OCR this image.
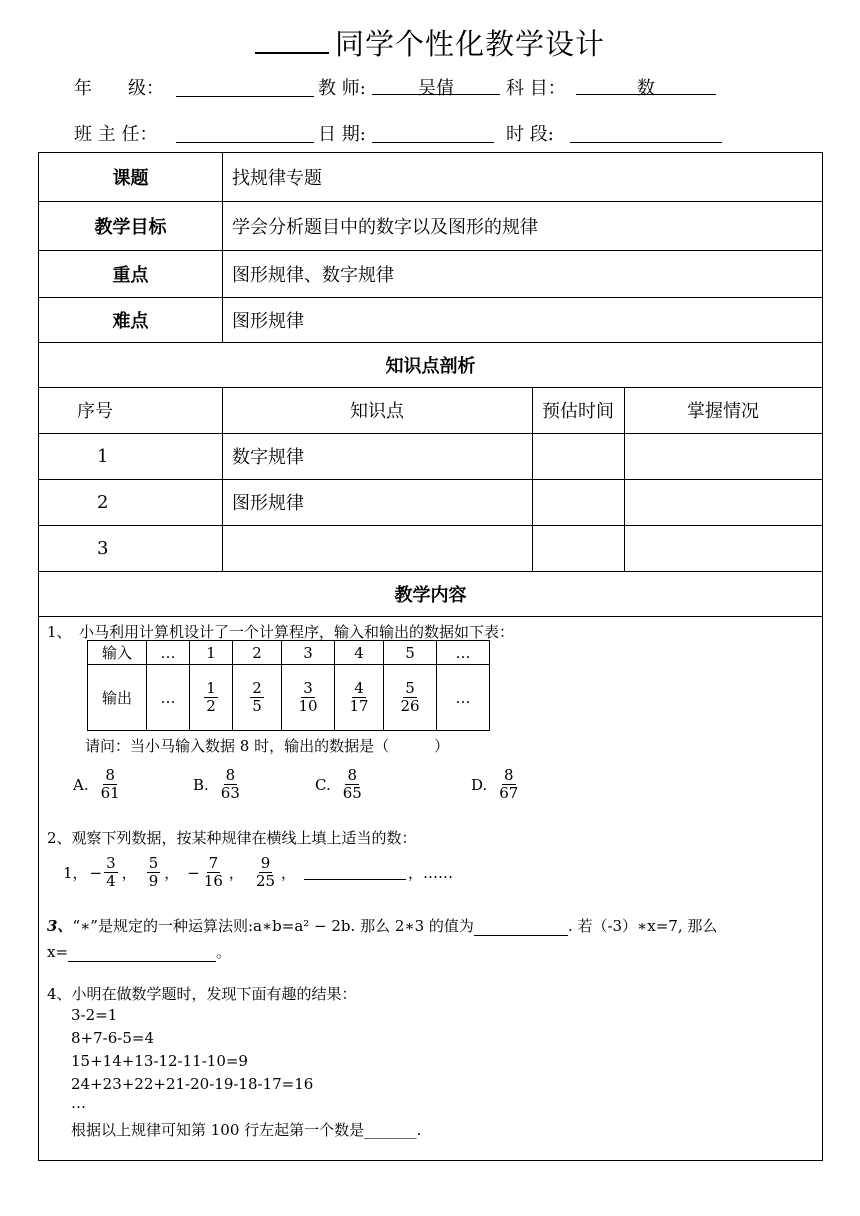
同学个性化教学设计
年　　级：	教 师:	吴倩	科 目：	数
班 主 任：	日 期:	时 段:
课题	找规律专题
教学目标	学会分析题目中的数字以及图形的规律
重点	图形规律、数字规律
难点	图形规律
知识点剖析
序号	知识点	预估时间	掌握情况
1	数字规律
2	图形规律
3
教学内容
1、　小马利用计算机设计了一个计算程序，输入和输出的数据如下表：
输入	…	1	2	3	4	5	…
输出	…	$\frac{1}{2}$	$\frac{2}{5}$	$\frac{3}{10}$	$\frac{4}{17}$	$\frac{5}{26}$	…
请问：当小马输入数据 8 时，输出的数据是（　　　）
A. $\frac{8}{61}$	B. $\frac{8}{63}$	C. $\frac{8}{65}$	D. $\frac{8}{67}$
2、观察下列数据，按某种规律在横线上填上适当的数：
1， − $\frac{3}{4}$ ， $\frac{5}{9}$ ， − $\frac{7}{16}$ ， $\frac{9}{25}$ ，	，……
3、“∗”是规定的一种运算法则:a∗b=a² − 2b. 那么 2∗3 的值为	. 若（-3）∗x=7, 那么
x=	。
4、小明在做数学题时，发现下面有趣的结果：
3-2=1
8+7-6-5=4
15+14+13-12-11-10=9
24+23+22+21-20-19-18-17=16
…
根据以上规律可知第 100 行左起第一个数是_______.
